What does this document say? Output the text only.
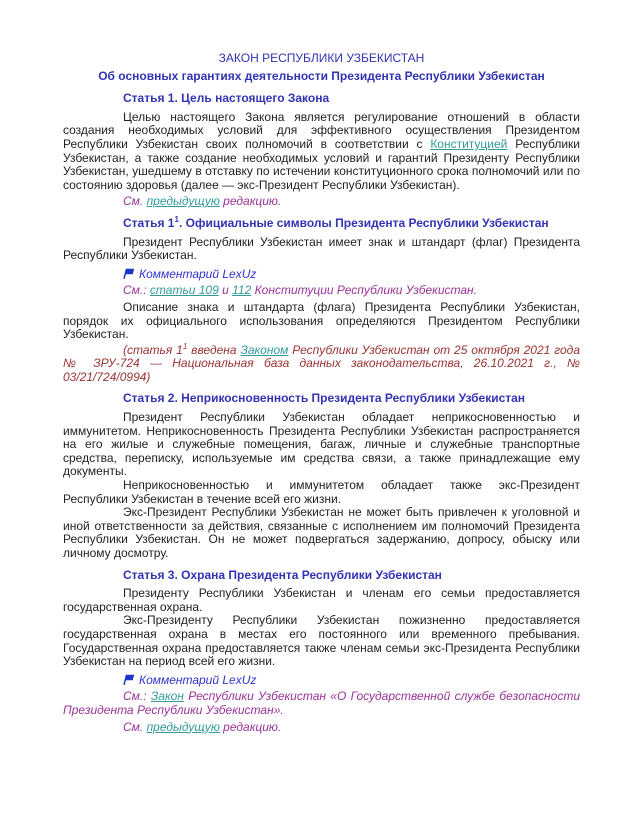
ЗАКОН РЕСПУБЛИКИ УЗБЕКИСТАН
Об основных гарантиях деятельности Президента Республики Узбекистан
Статья 1. Цель настоящего Закона

Целью настоящего Закона является регулирование отношений в области создания необходимых условий для эффективного осуществления Президентом Республики Узбекистан своих полномочий в соответствии с Конституцией Республики Узбекистан, а также создание необходимых условий и гарантий Президенту Республики Узбекистан, ушедшему в отставку по истечении конституционного срока полномочий или по состоянию здоровья (далее — экс-Президент Республики Узбекистан).

См. предыдущую редакцию.
Статья $1^1$. Официальные символы Президента Республики Узбекистан

Президент Республики Узбекистан имеет знак и штандарт (флаг) Президента Республики Узбекистан.

Комментарий LexUz
См.: статьи 109 и 112 Конституции Республики Узбекистан.

Описание знака и штандарта (флага) Президента Республики Узбекистан, порядок их официального использования определяются Президентом Республики Узбекистан.

(статья $1^1$ введена Законом Республики Узбекистан от 25 октября 2021 года № ЗРУ-724 — Национальная база данных законодательства, 26.10.2021 г., № 03/21/724/0994)
Статья 2. Неприкосновенность Президента Республики Узбекистан

Президент Республики Узбекистан обладает неприкосновенностью и иммунитетом. Неприкосновенность Президента Республики Узбекистан распространяется на его жилые и служебные помещения, багаж, личные и служебные транспортные средства, переписку, используемые им средства связи, а также принадлежащие ему документы.

Неприкосновенностью и иммунитетом обладает также экс-Президент Республики Узбекистан в течение всей его жизни.

Экс-Президент Республики Узбекистан не может быть привлечен к уголовной и иной ответственности за действия, связанные с исполнением им полномочий Президента Республики Узбекистан. Он не может подвергаться задержанию, допросу, обыску или личному досмотру.

Статья 3. Охрана Президента Республики Узбекистан

Президенту Республики Узбекистан и членам его семьи предоставляется государственная охрана.

Экс-Президенту Республики Узбекистан пожизненно предоставляется государственная охрана в местах его постоянного или временного пребывания. Государственная охрана предоставляется также членам семьи экс-Президента Республики Узбекистан на период всей его жизни.

Комментарий LexUz
См.: Закон Республики Узбекистан «О Государственной службе безопасности Президента Республики Узбекистан».
См. предыдущую редакцию.
